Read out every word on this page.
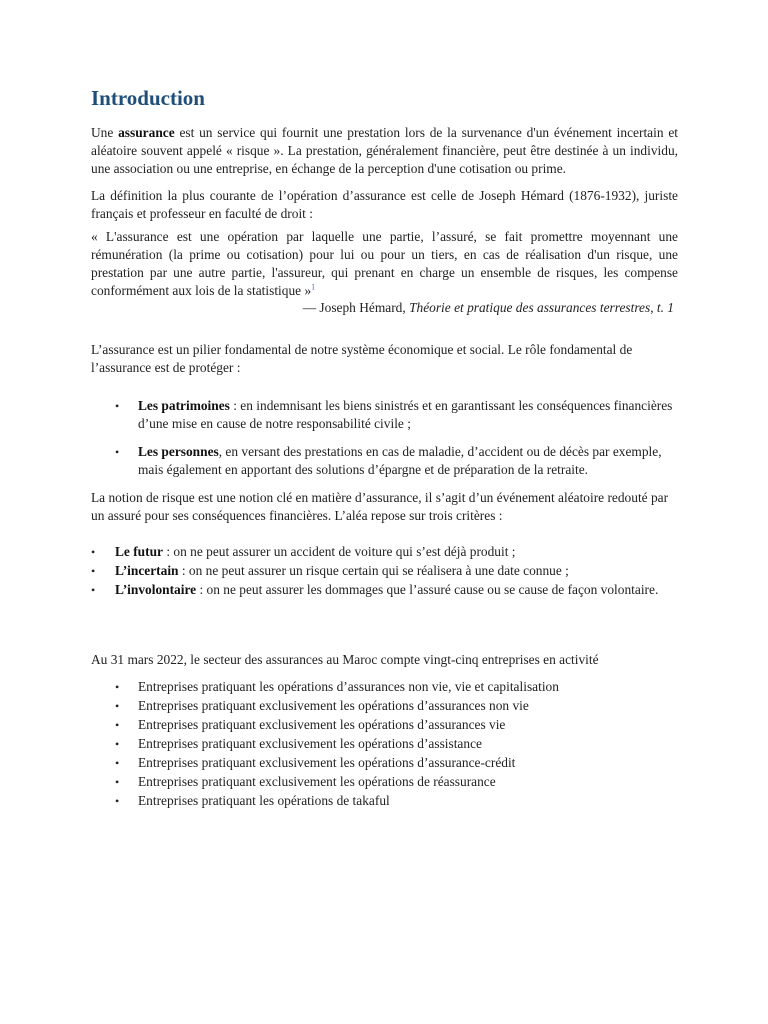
Introduction

Une assurance est un service qui fournit une prestation lors de la survenance d'un événement incertain et aléatoire souvent appelé « risque ». La prestation, généralement financière, peut être destinée à un individu, une association ou une entreprise, en échange de la perception d'une cotisation ou prime.

La définition la plus courante de l’opération d’assurance est celle de Joseph Hémard (1876-1932), juriste français et professeur en faculté de droit :

« L'assurance est une opération par laquelle une partie, l’assuré, se fait promettre moyennant une rémunération (la prime ou cotisation) pour lui ou pour un tiers, en cas de réalisation d'un risque, une prestation par une autre partie, l'assureur, qui prenant en charge un ensemble de risques, les compense conformément aux lois de la statistique »$^1$

— Joseph Hémard, Théorie et pratique des assurances terrestres, t. 1

L’assurance est un pilier fondamental de notre système économique et social. Le rôle fondamental de l’assurance est de protéger :

• Les patrimoines : en indemnisant les biens sinistrés et en garantissant les conséquences financières d’une mise en cause de notre responsabilité civile ;
• Les personnes, en versant des prestations en cas de maladie, d’accident ou de décès par exemple, mais également en apportant des solutions d’épargne et de préparation de la retraite.

La notion de risque est une notion clé en matière d’assurance, il s’agit d’un événement aléatoire redouté par un assuré pour ses conséquences financières. L’aléa repose sur trois critères :

• Le futur : on ne peut assurer un accident de voiture qui s’est déjà produit ;
• L’incertain : on ne peut assurer un risque certain qui se réalisera à une date connue ;
• L’involontaire : on ne peut assurer les dommages que l’assuré cause ou se cause de façon volontaire.

Au 31 mars 2022, le secteur des assurances au Maroc compte vingt-cinq entreprises en activité

• Entreprises pratiquant les opérations d’assurances non vie, vie et capitalisation
• Entreprises pratiquant exclusivement les opérations d’assurances non vie
• Entreprises pratiquant exclusivement les opérations d’assurances vie
• Entreprises pratiquant exclusivement les opérations d’assistance
• Entreprises pratiquant exclusivement les opérations d’assurance-crédit
• Entreprises pratiquant exclusivement les opérations de réassurance
• Entreprises pratiquant les opérations de takaful
